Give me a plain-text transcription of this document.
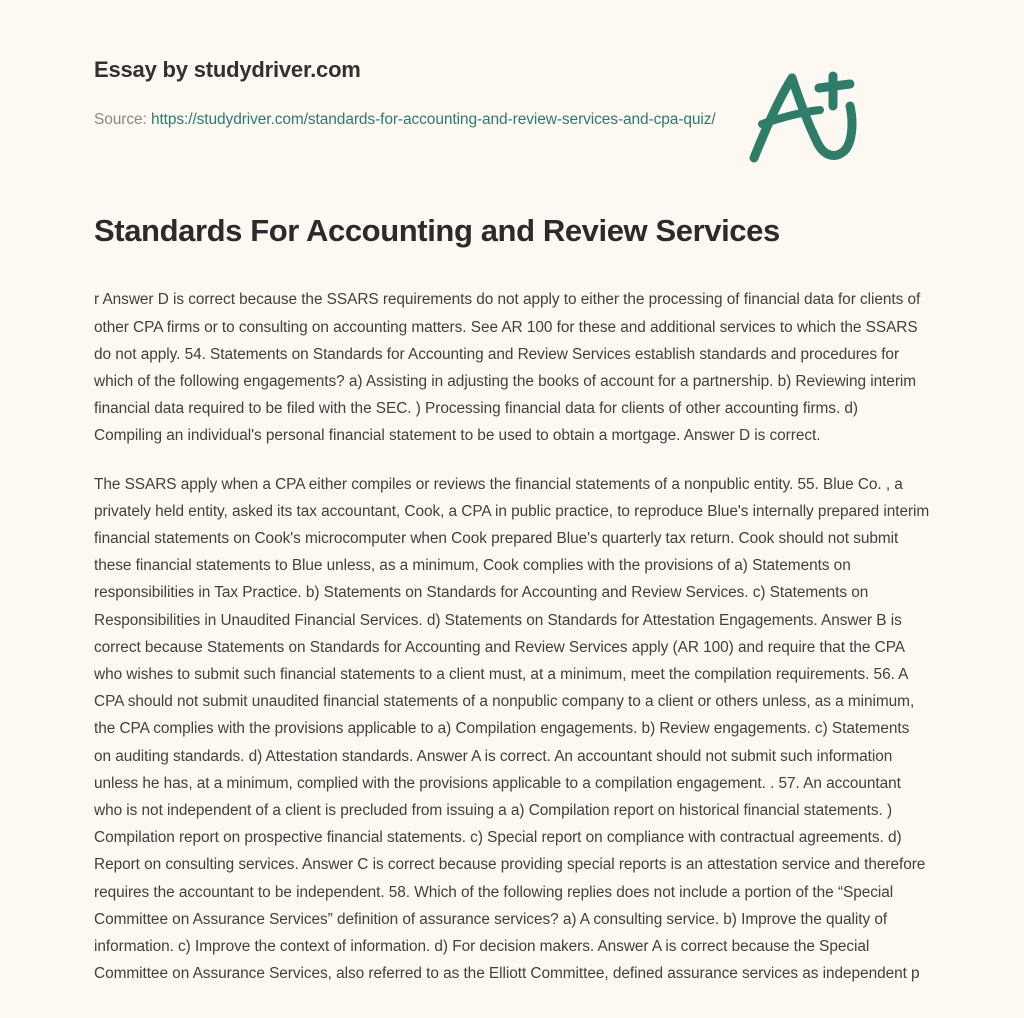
Essay by studydriver.com
Source: https://studydriver.com/standards-for-accounting-and-review-services-and-cpa-quiz/
Standards For Accounting and Review Services

r Answer D is correct because the SSARS requirements do not apply to either the processing of financial data for clients of other CPA firms or to consulting on accounting matters. See AR 100 for these and additional services to which the SSARS do not apply. 54. Statements on Standards for Accounting and Review Services establish standards and procedures for which of the following engagements? a) Assisting in adjusting the books of account for a partnership. b) Reviewing interim financial data required to be filed with the SEC. ) Processing financial data for clients of other accounting firms. d) Compiling an individual's personal financial statement to be used to obtain a mortgage. Answer D is correct.

The SSARS apply when a CPA either compiles or reviews the financial statements of a nonpublic entity. 55. Blue Co. , a privately held entity, asked its tax accountant, Cook, a CPA in public practice, to reproduce Blue's internally prepared interim financial statements on Cook's microcomputer when Cook prepared Blue's quarterly tax return. Cook should not submit these financial statements to Blue unless, as a minimum, Cook complies with the provisions of a) Statements on responsibilities in Tax Practice. b) Statements on Standards for Accounting and Review Services. c) Statements on Responsibilities in Unaudited Financial Services. d) Statements on Standards for Attestation Engagements. Answer B is correct because Statements on Standards for Accounting and Review Services apply (AR 100) and require that the CPA who wishes to submit such financial statements to a client must, at a minimum, meet the compilation requirements. 56. A CPA should not submit unaudited financial statements of a nonpublic company to a client or others unless, as a minimum, the CPA complies with the provisions applicable to a) Compilation engagements. b) Review engagements. c) Statements on auditing standards. d) Attestation standards. Answer A is correct. An accountant should not submit such information unless he has, at a minimum, complied with the provisions applicable to a compilation engagement. . 57. An accountant who is not independent of a client is precluded from issuing a a) Compilation report on historical financial statements. ) Compilation report on prospective financial statements. c) Special report on compliance with contractual agreements. d) Report on consulting services. Answer C is correct because providing special reports is an attestation service and therefore requires the accountant to be independent. 58. Which of the following replies does not include a portion of the “Special Committee on Assurance Services” definition of assurance services? a) A consulting service. b) Improve the quality of information. c) Improve the context of information. d) For decision makers. Answer A is correct because the Special Committee on Assurance Services, also referred to as the Elliott Committee, defined assurance services as independent p
